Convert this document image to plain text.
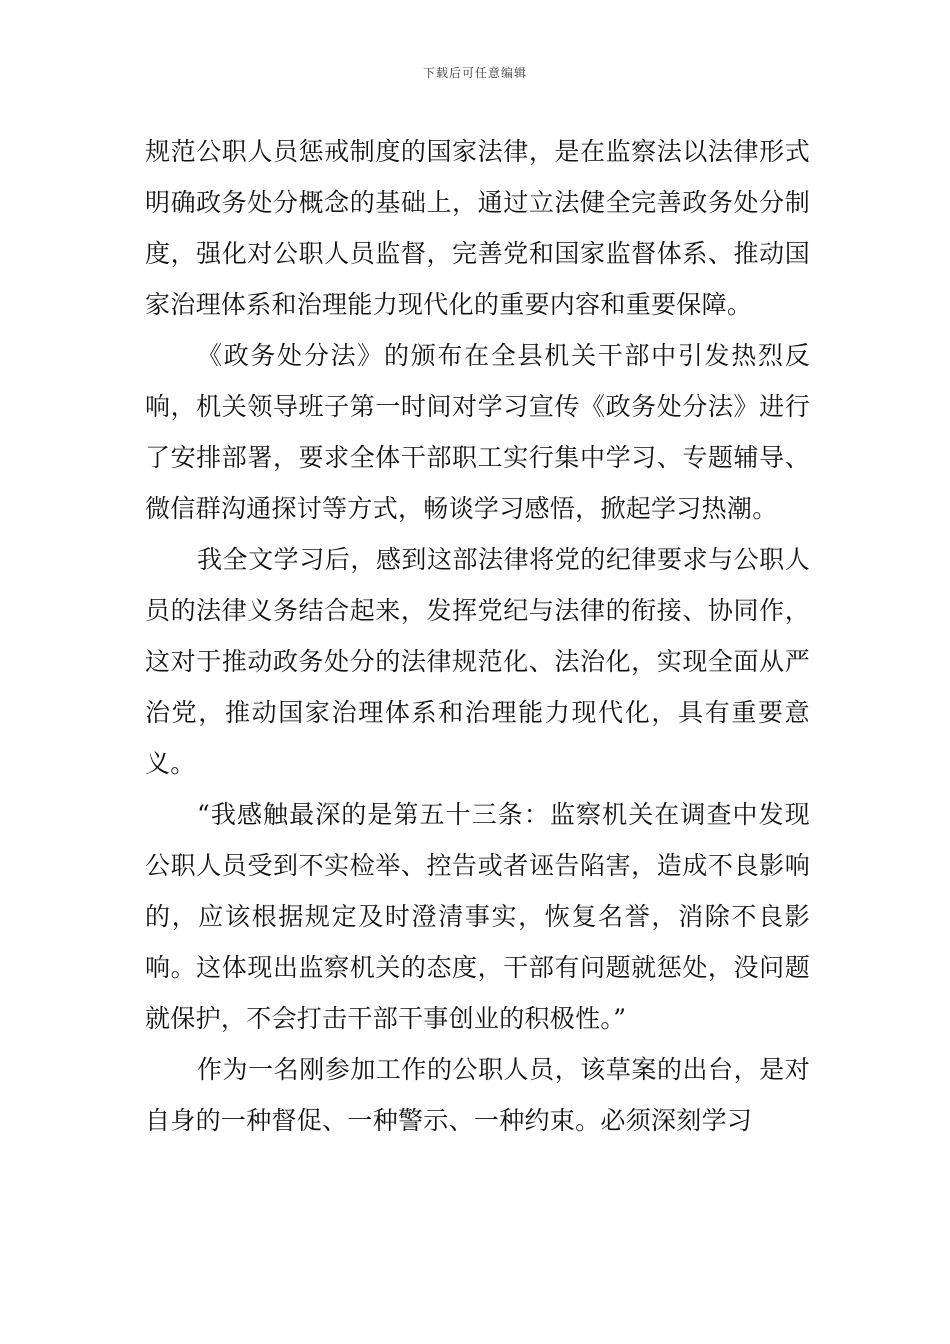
下载后可任意编辑

规范公职人员惩戒制度的国家法律，是在监察法以法律形式明确政务处分概念的基础上，通过立法健全完善政务处分制度，强化对公职人员监督，完善党和国家监督体系、推动国家治理体系和治理能力现代化的重要内容和重要保障。

《政务处分法》的颁布在全县机关干部中引发热烈反响，机关领导班子第一时间对学习宣传《政务处分法》进行了安排部署，要求全体干部职工实行集中学习、专题辅导、微信群沟通探讨等方式，畅谈学习感悟，掀起学习热潮。

我全文学习后，感到这部法律将党的纪律要求与公职人员的法律义务结合起来，发挥党纪与法律的衔接、协同作，这对于推动政务处分的法律规范化、法治化，实现全面从严治党，推动国家治理体系和治理能力现代化，具有重要意义。

“我感触最深的是第五十三条：监察机关在调查中发现公职人员受到不实检举、控告或者诬告陷害，造成不良影响的，应该根据规定及时澄清事实，恢复名誉，消除不良影响。这体现出监察机关的态度，干部有问题就惩处，没问题就保护，不会打击干部干事创业的积极性。”

作为一名刚参加工作的公职人员，该草案的出台，是对自身的一种督促、一种警示、一种约束。必须深刻学习
